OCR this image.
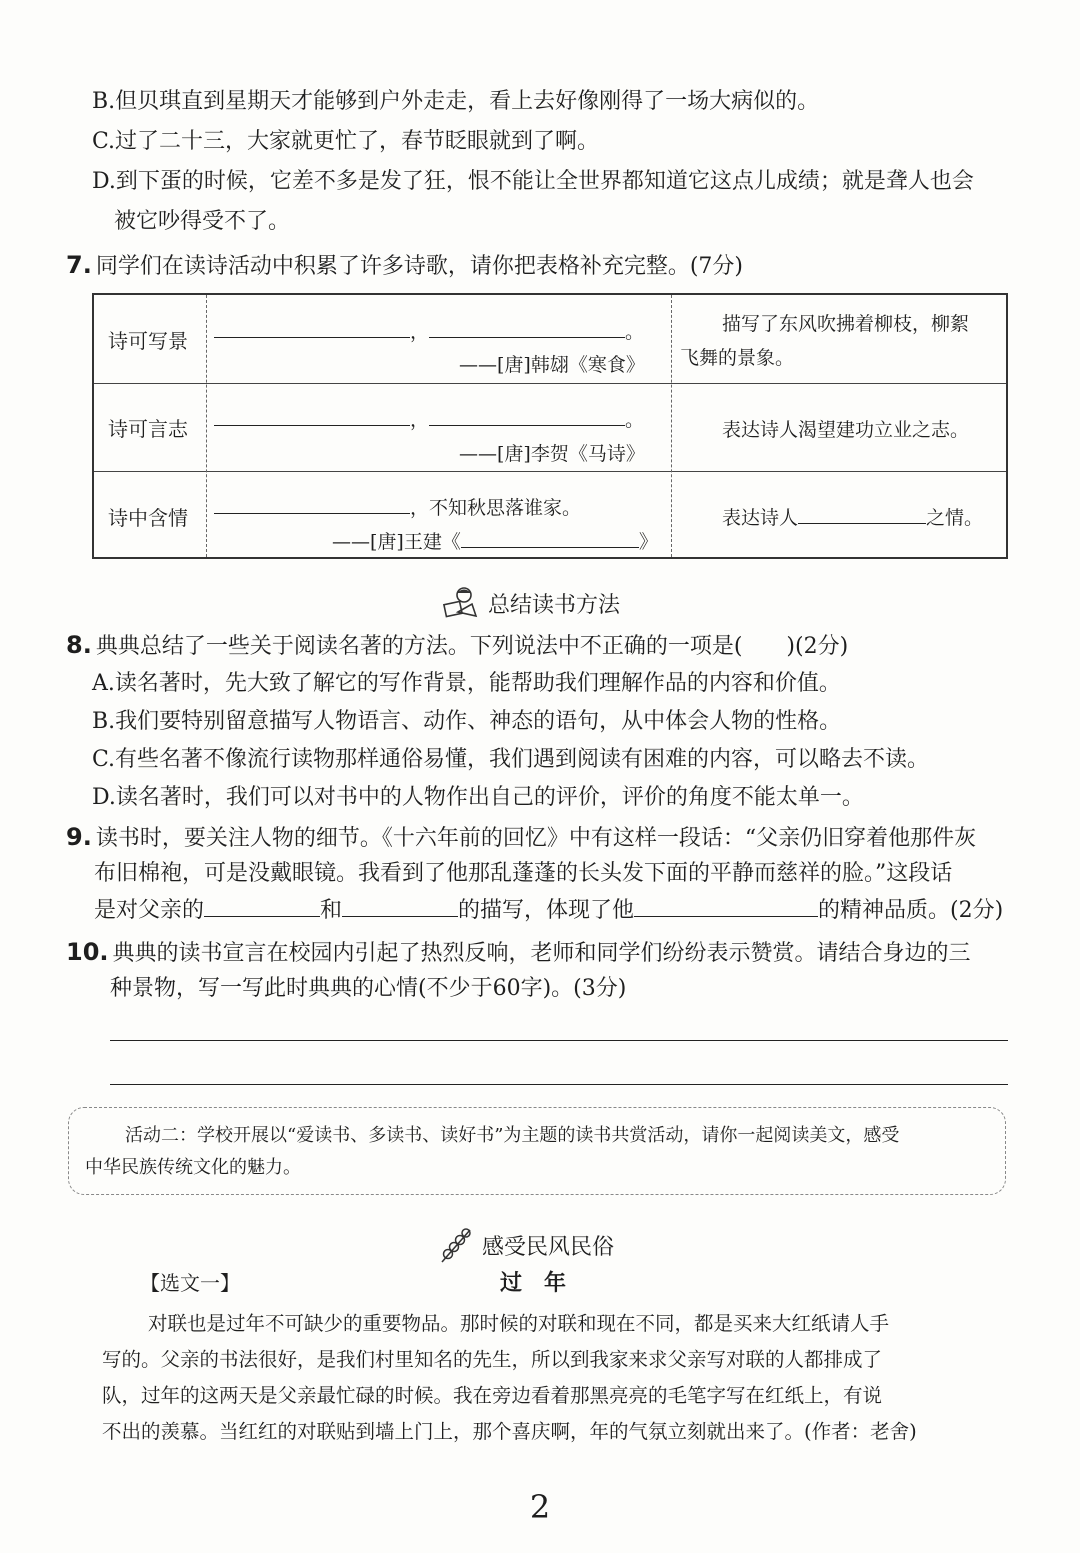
B.但贝琪直到星期天才能够到户外走走，看上去好像刚得了一场大病似的。
C.过了二十三，大家就更忙了，春节眨眼就到了啊。
D.到下蛋的时候，它差不多是发了狂，恨不能让全世界都知道它这点儿成绩；就是聋人也会
被它吵得受不了。
7. 同学们在读诗活动中积累了许多诗歌，请你把表格补充完整。(7分)
诗可写景	，	。
——[唐]韩翃《寒食》
描写了东风吹拂着柳枝，柳絮
飞舞的景象。
诗可言志	，	。
——[唐]李贺《马诗》
表达诗人渴望建功立业之志。
诗中含情	，不知秋思落谁家。
——[唐]王建《	》
表达诗人	之情。
总结读书方法
8. 典典总结了一些关于阅读名著的方法。下列说法中不正确的一项是( )(2分)
A.读名著时，先大致了解它的写作背景，能帮助我们理解作品的内容和价值。
B.我们要特别留意描写人物语言、动作、神态的语句，从中体会人物的性格。
C.有些名著不像流行读物那样通俗易懂，我们遇到阅读有困难的内容，可以略去不读。
D.读名著时，我们可以对书中的人物作出自己的评价，评价的角度不能太单一。
9. 读书时，要关注人物的细节。《十六年前的回忆》中有这样一段话：“父亲仍旧穿着他那件灰
布旧棉袍，可是没戴眼镜。我看到了他那乱蓬蓬的长头发下面的平静而慈祥的脸。”这段话
是对父亲的	和	的描写，体现了他	的精神品质。(2分)
10. 典典的读书宣言在校园内引起了热烈反响，老师和同学们纷纷表示赞赏。请结合身边的三
种景物，写一写此时典典的心情(不少于60字)。(3分)
活动二：学校开展以“爱读书、多读书、读好书”为主题的读书共赏活动，请你一起阅读美文，感受
中华民族传统文化的魅力。
感受民风民俗
【选文一】	过　年
对联也是过年不可缺少的重要物品。那时候的对联和现在不同，都是买来大红纸请人手
写的。父亲的书法很好，是我们村里知名的先生，所以到我家来求父亲写对联的人都排成了
队，过年的这两天是父亲最忙碌的时候。我在旁边看着那黑亮亮的毛笔字写在红纸上，有说
不出的羡慕。当红红的对联贴到墙上门上，那个喜庆啊，年的气氛立刻就出来了。(作者：老舍)
2
